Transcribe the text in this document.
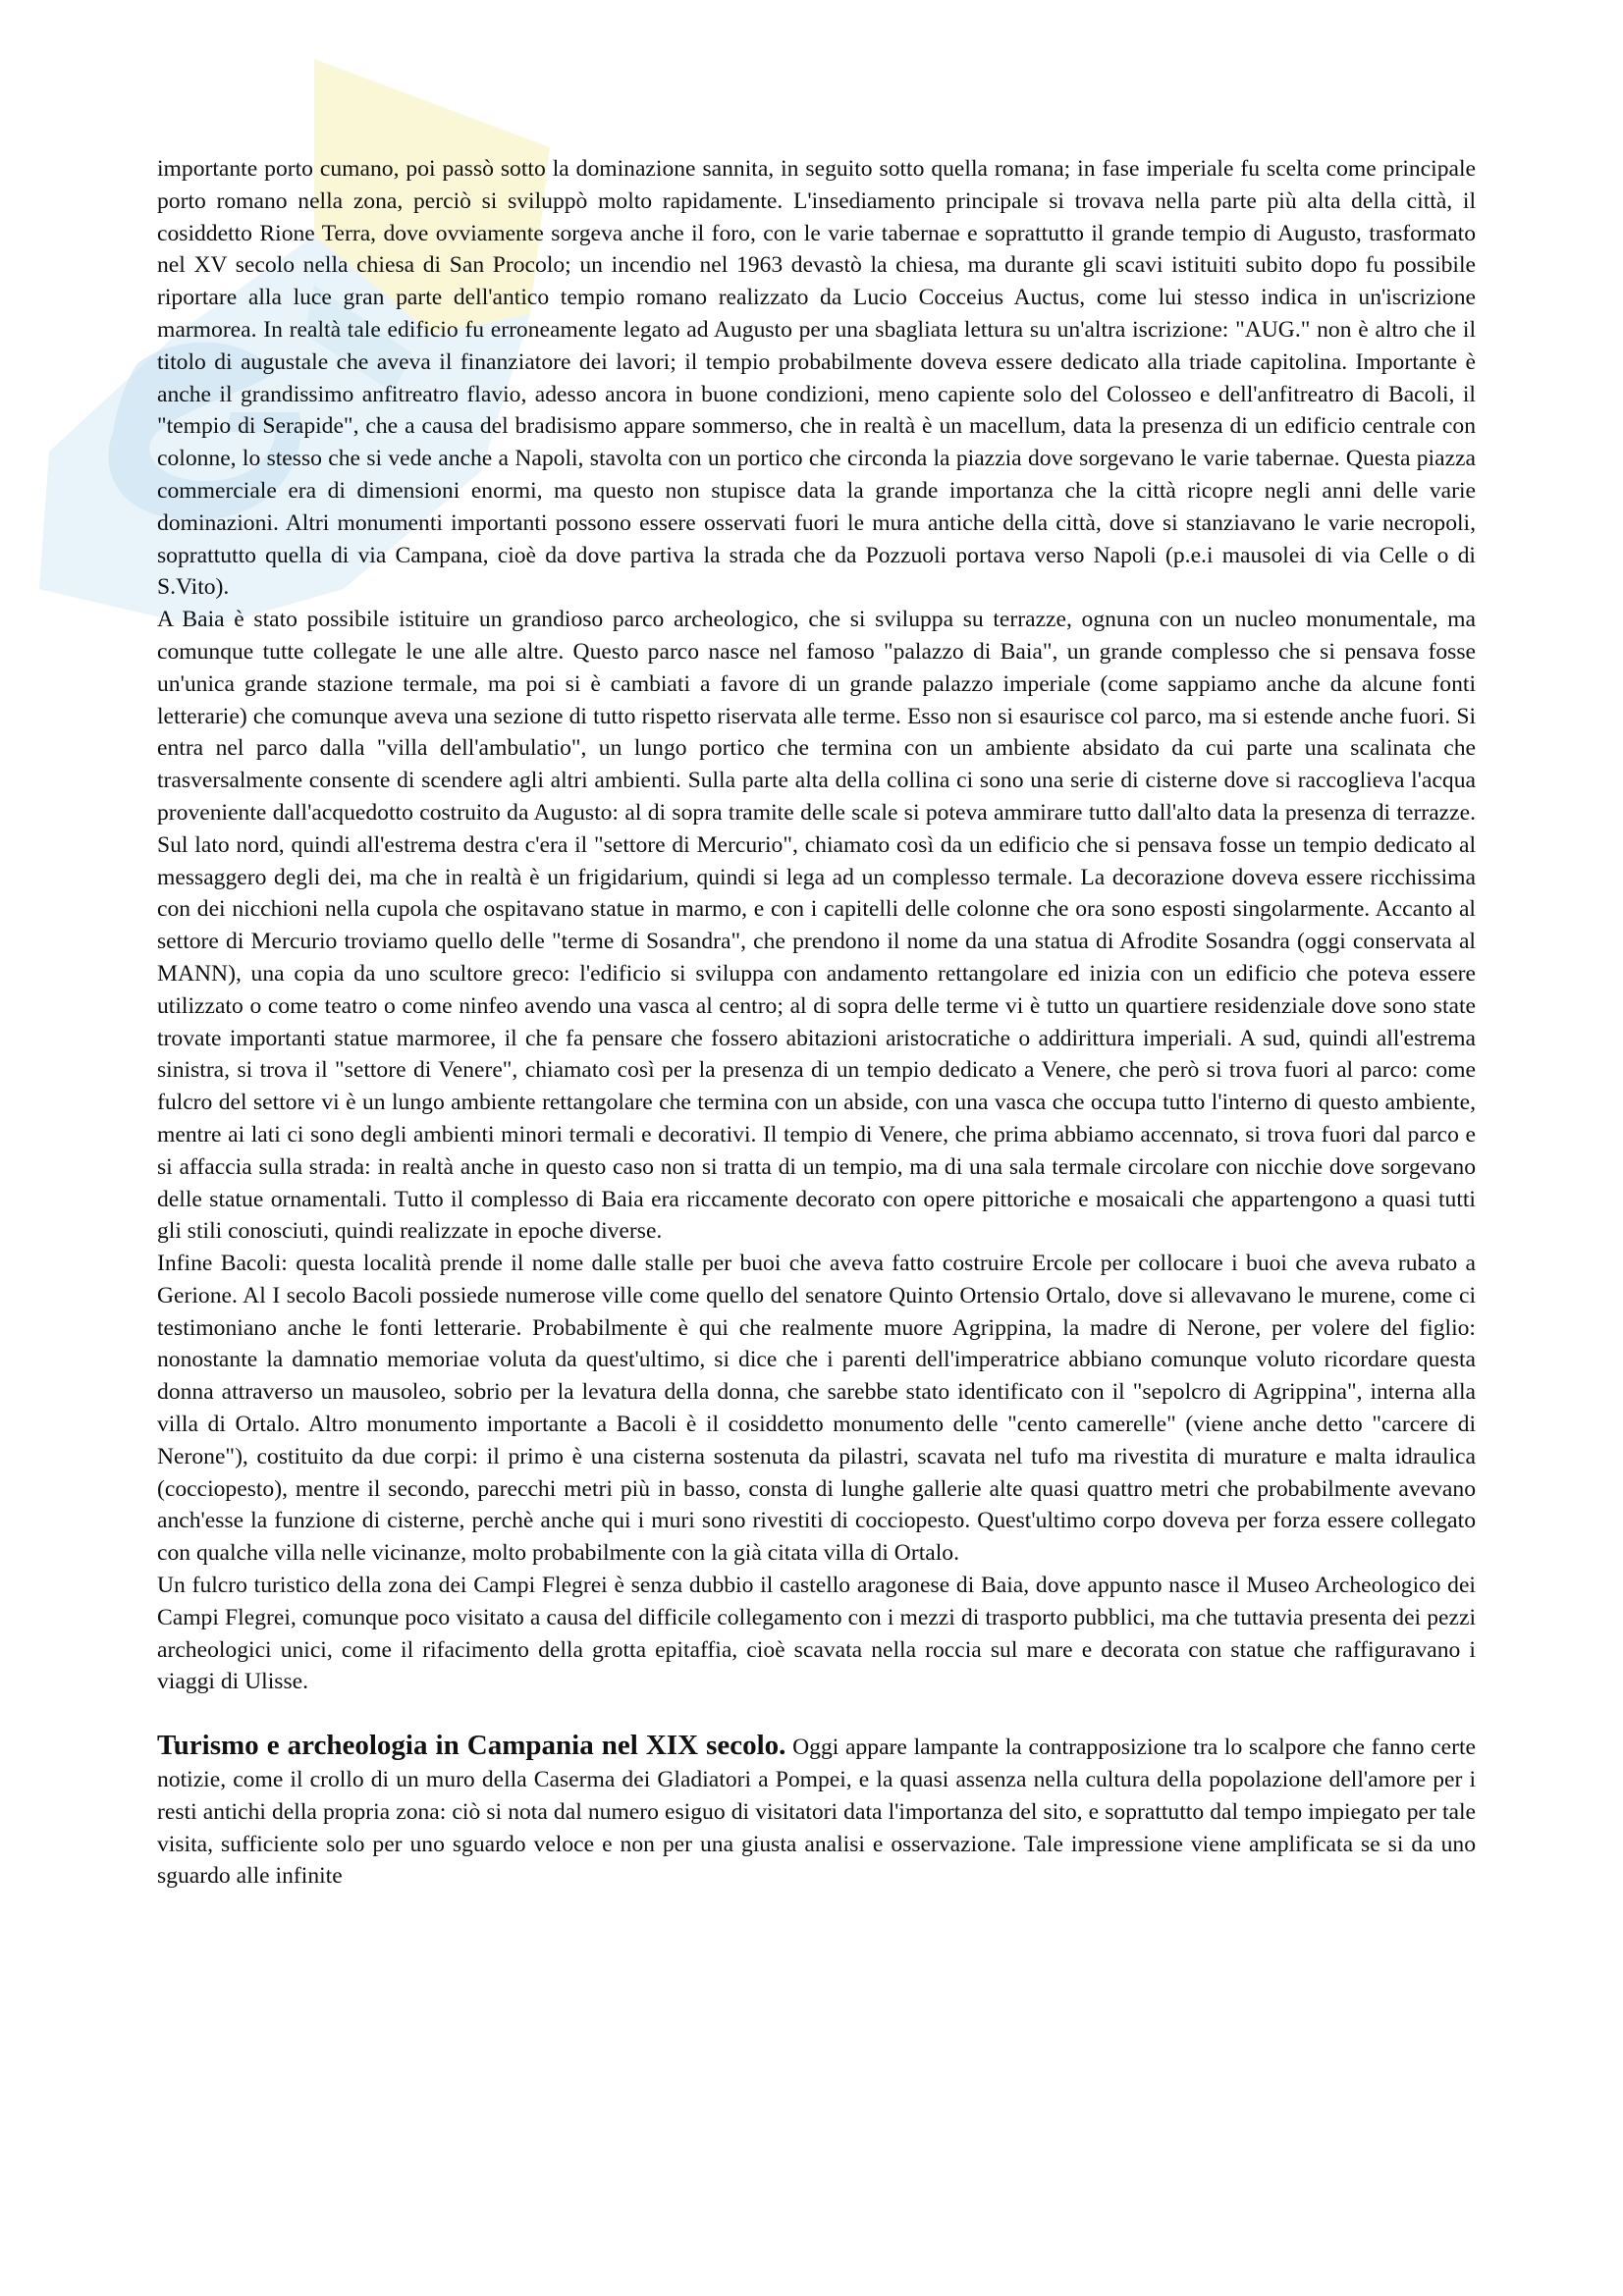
importante porto cumano, poi passò sotto la dominazione sannita, in seguito sotto quella romana; in fase imperiale fu scelta come principale porto romano nella zona, perciò si sviluppò molto rapidamente. L'insediamento principale si trovava nella parte più alta della città, il cosiddetto Rione Terra, dove ovviamente sorgeva anche il foro, con le varie tabernae e soprattutto il grande tempio di Augusto, trasformato nel XV secolo nella chiesa di San Procolo; un incendio nel 1963 devastò la chiesa, ma durante gli scavi istituiti subito dopo fu possibile riportare alla luce gran parte dell'antico tempio romano realizzato da Lucio Cocceius Auctus, come lui stesso indica in un'iscrizione marmorea. In realtà tale edificio fu erroneamente legato ad Augusto per una sbagliata lettura su un'altra iscrizione: "AUG." non è altro che il titolo di augustale che aveva il finanziatore dei lavori; il tempio probabilmente doveva essere dedicato alla triade capitolina. Importante è anche il grandissimo anfitreatro flavio, adesso ancora in buone condizioni, meno capiente solo del Colosseo e dell'anfitreatro di Bacoli, il "tempio di Serapide", che a causa del bradisismo appare sommerso, che in realtà è un macellum, data la presenza di un edificio centrale con colonne, lo stesso che si vede anche a Napoli, stavolta con un portico che circonda la piazzia dove sorgevano le varie tabernae. Questa piazza commerciale era di dimensioni enormi, ma questo non stupisce data la grande importanza che la città ricopre negli anni delle varie dominazioni. Altri monumenti importanti possono essere osservati fuori le mura antiche della città, dove si stanziavano le varie necropoli, soprattutto quella di via Campana, cioè da dove partiva la strada che da Pozzuoli portava verso Napoli (p.e.i mausolei di via Celle o di S.Vito).

A Baia è stato possibile istituire un grandioso parco archeologico, che si sviluppa su terrazze, ognuna con un nucleo monumentale, ma comunque tutte collegate le une alle altre. Questo parco nasce nel famoso "palazzo di Baia", un grande complesso che si pensava fosse un'unica grande stazione termale, ma poi si è cambiati a favore di un grande palazzo imperiale (come sappiamo anche da alcune fonti letterarie) che comunque aveva una sezione di tutto rispetto riservata alle terme. Esso non si esaurisce col parco, ma si estende anche fuori. Si entra nel parco dalla "villa dell'ambulatio", un lungo portico che termina con un ambiente absidato da cui parte una scalinata che trasversalmente consente di scendere agli altri ambienti. Sulla parte alta della collina ci sono una serie di cisterne dove si raccoglieva l'acqua proveniente dall'acquedotto costruito da Augusto: al di sopra tramite delle scale si poteva ammirare tutto dall'alto data la presenza di terrazze. Sul lato nord, quindi all'estrema destra c'era il "settore di Mercurio", chiamato così da un edificio che si pensava fosse un tempio dedicato al messaggero degli dei, ma che in realtà è un frigidarium, quindi si lega ad un complesso termale. La decorazione doveva essere ricchissima con dei nicchioni nella cupola che ospitavano statue in marmo, e con i capitelli delle colonne che ora sono esposti singolarmente. Accanto al settore di Mercurio troviamo quello delle "terme di Sosandra", che prendono il nome da una statua di Afrodite Sosandra (oggi conservata al MANN), una copia da uno scultore greco: l'edificio si sviluppa con andamento rettangolare ed inizia con un edificio che poteva essere utilizzato o come teatro o come ninfeo avendo una vasca al centro; al di sopra delle terme vi è tutto un quartiere residenziale dove sono state trovate importanti statue marmoree, il che fa pensare che fossero abitazioni aristocratiche o addirittura imperiali. A sud, quindi all'estrema sinistra, si trova il "settore di Venere", chiamato così per la presenza di un tempio dedicato a Venere, che però si trova fuori al parco: come fulcro del settore vi è un lungo ambiente rettangolare che termina con un abside, con una vasca che occupa tutto l'interno di questo ambiente, mentre ai lati ci sono degli ambienti minori termali e decorativi. Il tempio di Venere, che prima abbiamo accennato, si trova fuori dal parco e si affaccia sulla strada: in realtà anche in questo caso non si tratta di un tempio, ma di una sala termale circolare con nicchie dove sorgevano delle statue ornamentali. Tutto il complesso di Baia era riccamente decorato con opere pittoriche e mosaicali che appartengono a quasi tutti gli stili conosciuti, quindi realizzate in epoche diverse.

Infine Bacoli: questa località prende il nome dalle stalle per buoi che aveva fatto costruire Ercole per collocare i buoi che aveva rubato a Gerione. Al I secolo Bacoli possiede numerose ville come quello del senatore Quinto Ortensio Ortalo, dove si allevavano le murene, come ci testimoniano anche le fonti letterarie. Probabilmente è qui che realmente muore Agrippina, la madre di Nerone, per volere del figlio: nonostante la damnatio memoriae voluta da quest'ultimo, si dice che i parenti dell'imperatrice abbiano comunque voluto ricordare questa donna attraverso un mausoleo, sobrio per la levatura della donna, che sarebbe stato identificato con il "sepolcro di Agrippina", interna alla villa di Ortalo. Altro monumento importante a Bacoli è il cosiddetto monumento delle "cento camerelle" (viene anche detto "carcere di Nerone"), costituito da due corpi: il primo è una cisterna sostenuta da pilastri, scavata nel tufo ma rivestita di murature e malta idraulica (cocciopesto), mentre il secondo, parecchi metri più in basso, consta di lunghe gallerie alte quasi quattro metri che probabilmente avevano anch'esse la funzione di cisterne, perchè anche qui i muri sono rivestiti di cocciopesto. Quest'ultimo corpo doveva per forza essere collegato con qualche villa nelle vicinanze, molto probabilmente con la già citata villa di Ortalo.

Un fulcro turistico della zona dei Campi Flegrei è senza dubbio il castello aragonese di Baia, dove appunto nasce il Museo Archeologico dei Campi Flegrei, comunque poco visitato a causa del difficile collegamento con i mezzi di trasporto pubblici, ma che tuttavia presenta dei pezzi archeologici unici, come il rifacimento della grotta epitaffia, cioè scavata nella roccia sul mare e decorata con statue che raffiguravano i viaggi di Ulisse.

Turismo e archeologia in Campania nel XIX secolo. Oggi appare lampante la contrapposizione tra lo scalpore che fanno certe notizie, come il crollo di un muro della Caserma dei Gladiatori a Pompei, e la quasi assenza nella cultura della popolazione dell'amore per i resti antichi della propria zona: ciò si nota dal numero esiguo di visitatori data l'importanza del sito, e soprattutto dal tempo impiegato per tale visita, sufficiente solo per uno sguardo veloce e non per una giusta analisi e osservazione. Tale impressione viene amplificata se si da uno sguardo alle infinite
